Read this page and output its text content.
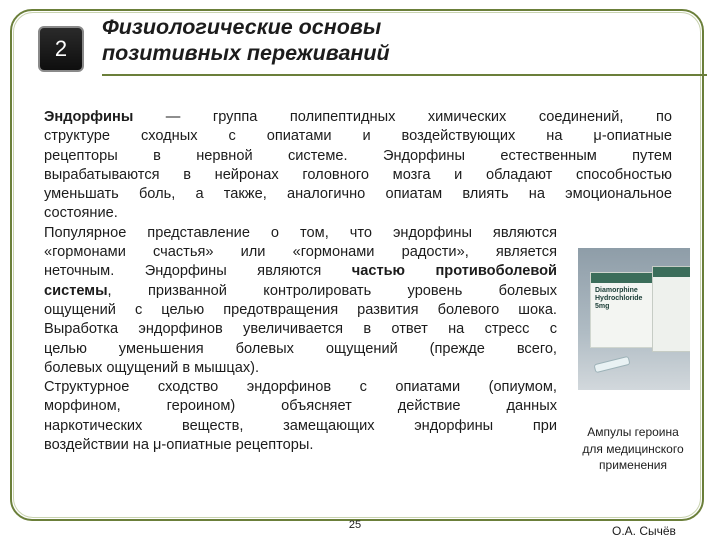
2
Физиологические основы
позитивных переживаний
Эндорфины — группа полипептидных химических соединений, по
структуре сходных с опиатами и воздействующих на μ-опиатные
рецепторы в нервной системе. Эндорфины естественным путем
вырабатываются в нейронах головного мозга и обладают способностью
уменьшать боль, а также, аналогично опиатам влиять на эмоциональное
состояние.
Популярное представление о том, что эндорфины являются
«гормонами счастья» или «гормонами радости», является
неточным. Эндорфины являются частью противоболевой
системы, призванной контролировать уровень болевых
ощущений с целью предотвращения развития болевого шока.
Выработка эндорфинов увеличивается в ответ на стресс с
целью уменьшения болевых ощущений (прежде всего,
болевых ощущений в мышцах).
Структурное сходство эндорфинов с опиатами (опиумом,
морфином, героином) объясняет действие данных
наркотических веществ, замещающих эндорфины при
воздействии на μ-опиатные рецепторы.
Diamorphine
Hydrochloride
5mg
Ампулы героина
для медицинского
применения
25	О.А. Сычёв
